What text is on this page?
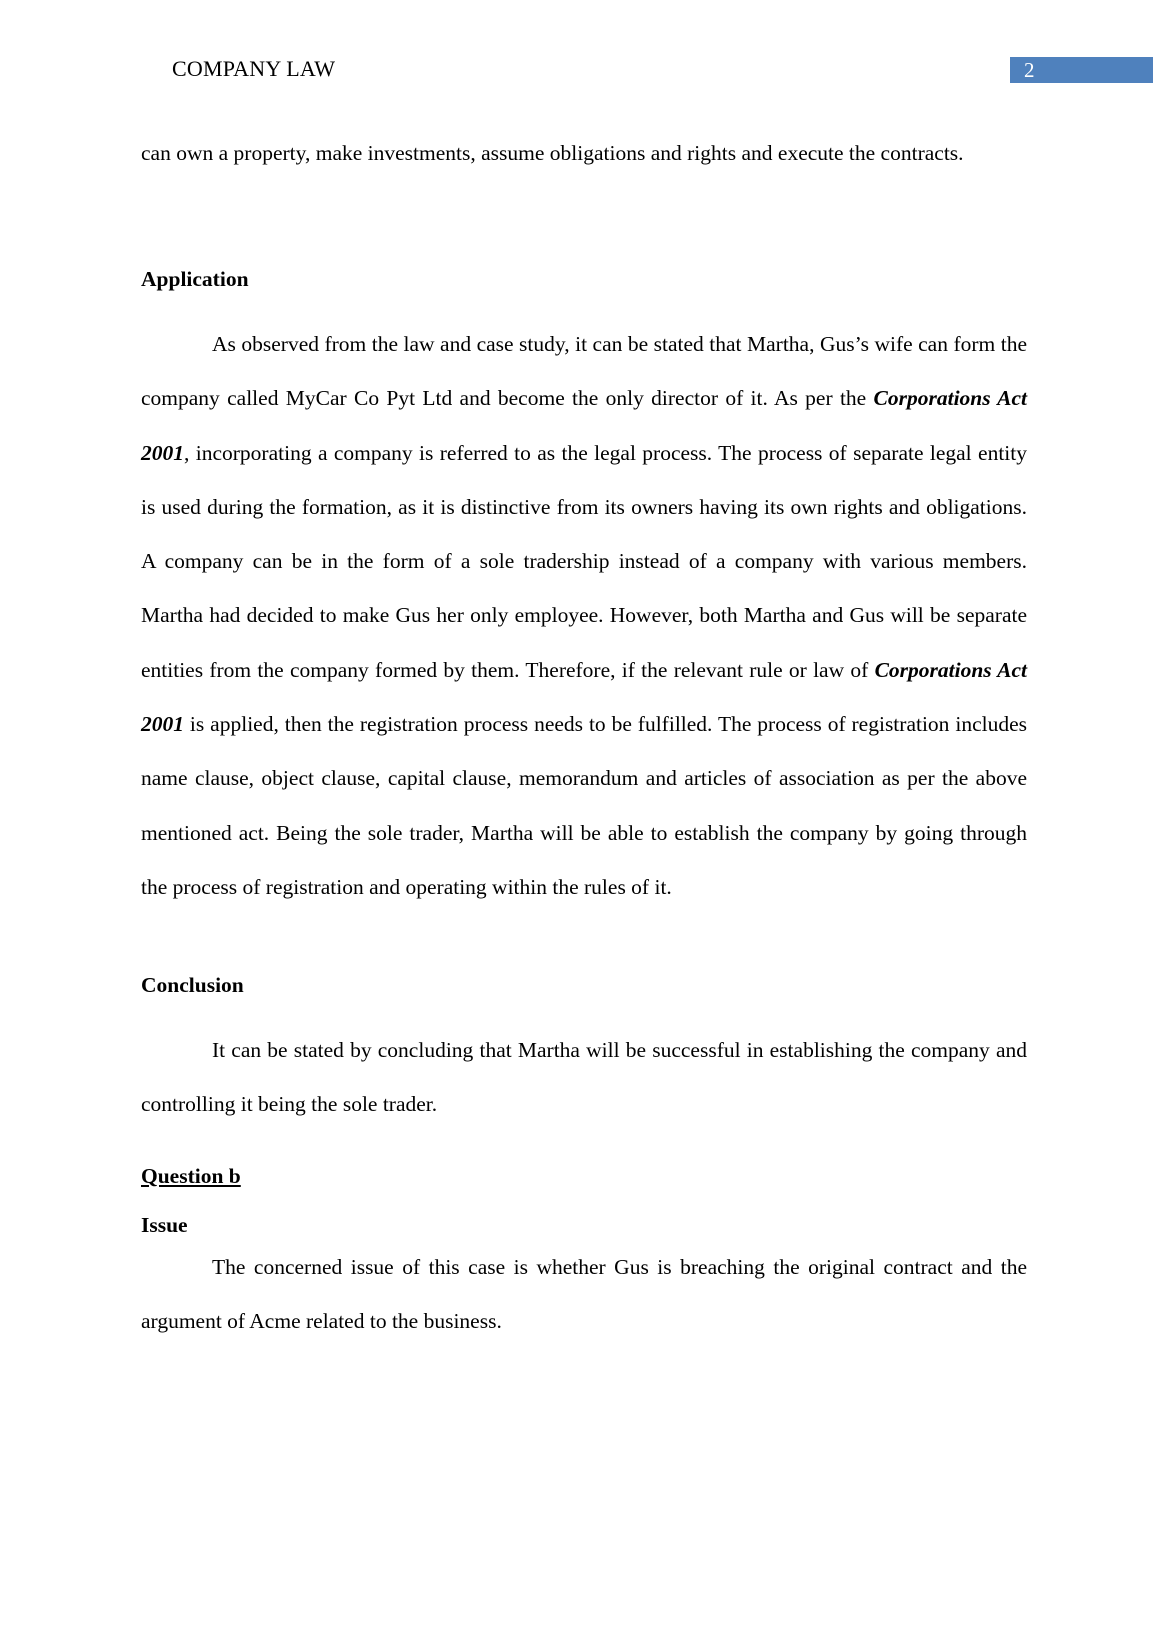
COMPANY LAW	2

can own a property, make investments, assume obligations and rights and execute the contracts.

Application

As observed from the law and case study, it can be stated that Martha, Gus’s wife can form the company called MyCar Co Pyt Ltd and become the only director of it. As per the Corporations Act 2001, incorporating a company is referred to as the legal process. The process of separate legal entity is used during the formation, as it is distinctive from its owners having its own rights and obligations. A company can be in the form of a sole tradership instead of a company with various members. Martha had decided to make Gus her only employee. However, both Martha and Gus will be separate entities from the company formed by them. Therefore, if the relevant rule or law of Corporations Act 2001 is applied, then the registration process needs to be fulfilled. The process of registration includes name clause, object clause, capital clause, memorandum and articles of association as per the above mentioned act. Being the sole trader, Martha will be able to establish the company by going through the process of registration and operating within the rules of it.

Conclusion

It can be stated by concluding that Martha will be successful in establishing the company and controlling it being the sole trader.

Question b
Issue

The concerned issue of this case is whether Gus is breaching the original contract and the argument of Acme related to the business.
